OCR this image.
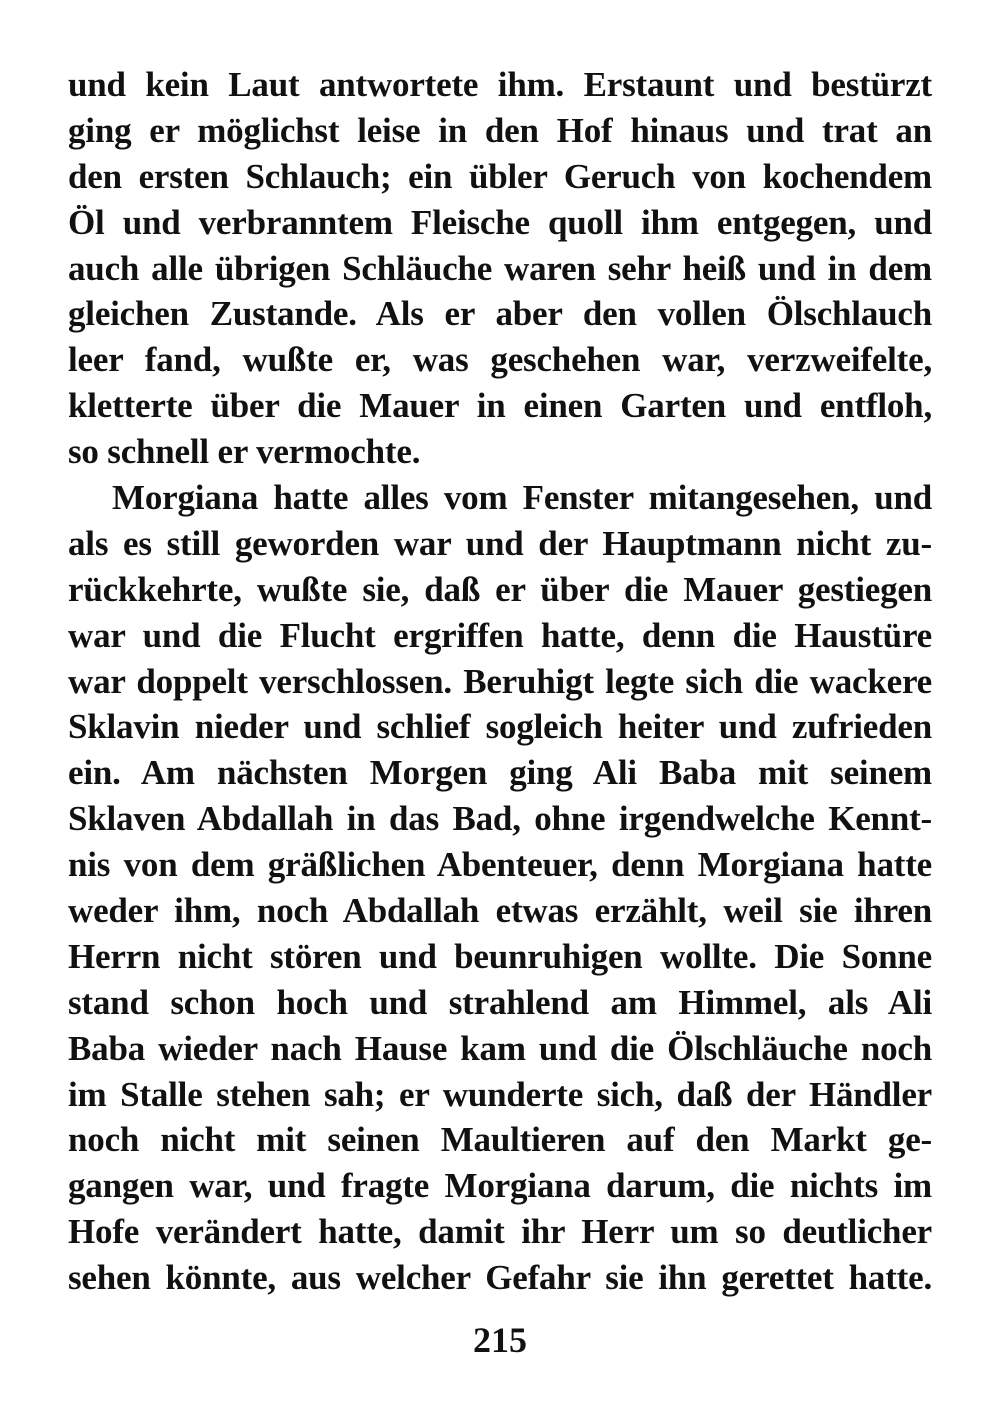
und kein Laut antwortete ihm. Erstaunt und bestürzt
ging er möglichst leise in den Hof hinaus und trat an
den ersten Schlauch; ein übler Geruch von kochendem
Öl und verbranntem Fleische quoll ihm entgegen, und
auch alle übrigen Schläuche waren sehr heiß und in dem
gleichen Zustande. Als er aber den vollen Ölschlauch
leer fand, wußte er, was geschehen war, verzweifelte,
kletterte über die Mauer in einen Garten und entfloh,
so schnell er vermochte.
Morgiana hatte alles vom Fenster mitangesehen, und
als es still geworden war und der Hauptmann nicht zu-
rückkehrte, wußte sie, daß er über die Mauer gestiegen
war und die Flucht ergriffen hatte, denn die Haustüre
war doppelt verschlossen. Beruhigt legte sich die wackere
Sklavin nieder und schlief sogleich heiter und zufrieden
ein. Am nächsten Morgen ging Ali Baba mit seinem
Sklaven Abdallah in das Bad, ohne irgendwelche Kennt-
nis von dem gräßlichen Abenteuer, denn Morgiana hatte
weder ihm, noch Abdallah etwas erzählt, weil sie ihren
Herrn nicht stören und beunruhigen wollte. Die Sonne
stand schon hoch und strahlend am Himmel, als Ali
Baba wieder nach Hause kam und die Ölschläuche noch
im Stalle stehen sah; er wunderte sich, daß der Händler
noch nicht mit seinen Maultieren auf den Markt ge-
gangen war, und fragte Morgiana darum, die nichts im
Hofe verändert hatte, damit ihr Herr um so deutlicher
sehen könnte, aus welcher Gefahr sie ihn gerettet hatte.
215
